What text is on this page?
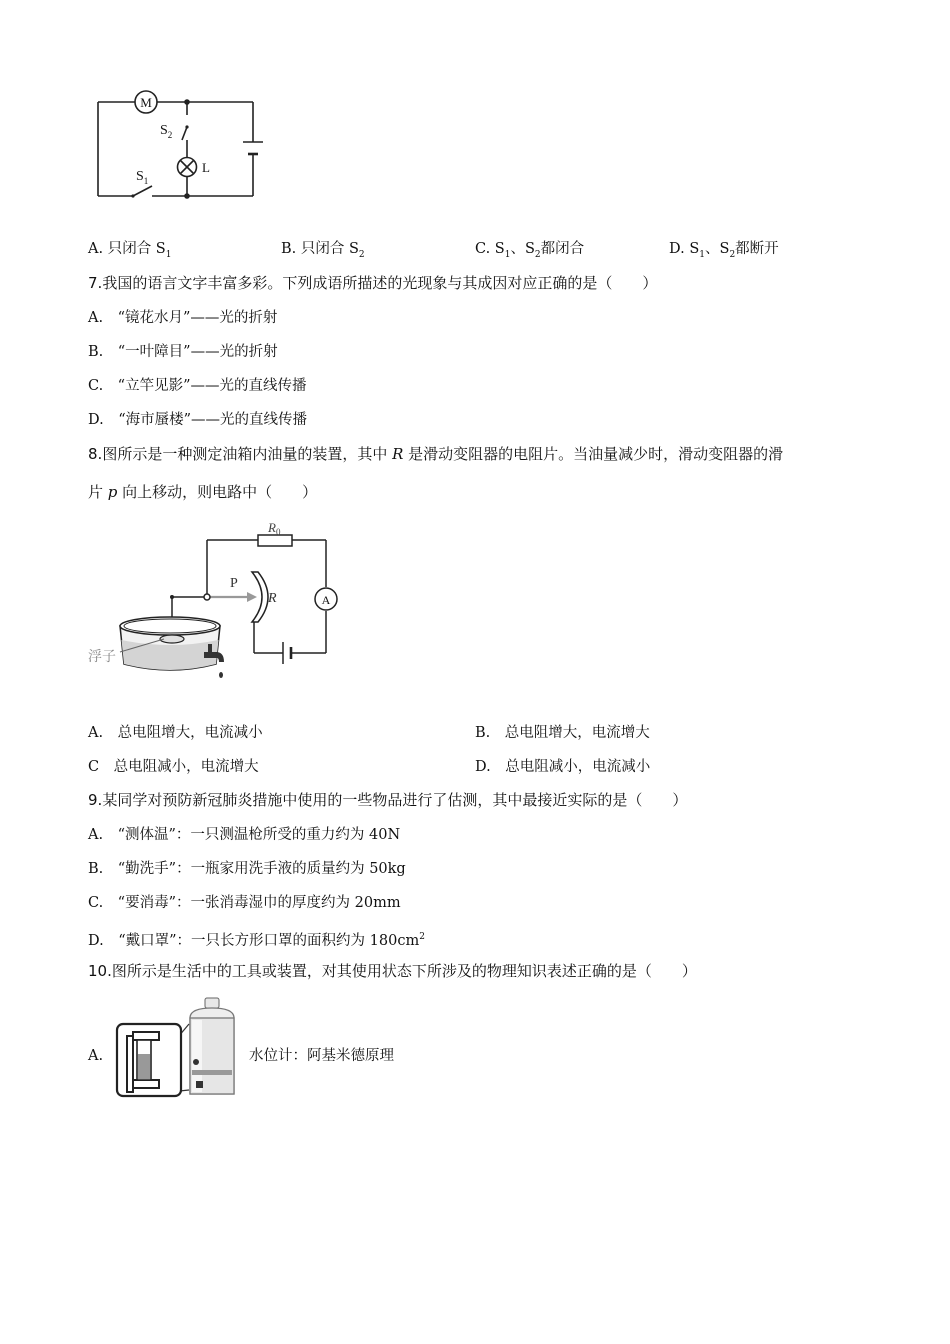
M
$S_2$
L
$S_1$
A. 只闭合 $S_1$	B. 只闭合 $S_2$	C. $S_1$、$S_2$都闭合	D. $S_1$、$S_2$都断开
7.我国的语言文字丰富多彩。下列成语所描述的光现象与其成因对应正确的是（　　）
A.　“镜花水月”——光的折射
B.　“一叶障目”——光的折射
C.　“立竿见影”——光的直线传播
D.　“海市蜃楼”——光的直线传播
8.图所示是一种测定油箱内油量的装置，其中 R 是滑动变阻器的电阻片。当油量减少时，滑动变阻器的滑
片 p 向上移动，则电路中（　　）
$R_0$
A
P
R
浮子
A.　总电阻增大，电流减小	B.　总电阻增大，电流增大
C　总电阻减小，电流增大	D.　总电阻减小，电流减小
9.某同学对预防新冠肺炎措施中使用的一些物品进行了估测，其中最接近实际的是（　　）
A.　“测体温”：一只测温枪所受的重力约为 40N
B.　“勤洗手”：一瓶家用洗手液的质量约为 50kg
C.　“要消毒”：一张消毒湿巾的厚度约为 20mm
D.　“戴口罩”：一只长方形口罩的面积约为 $180cm^2$
10.图所示是生活中的工具或装置，对其使用状态下所涉及的物理知识表述正确的是（　　）
A.	水位计：阿基米德原理
